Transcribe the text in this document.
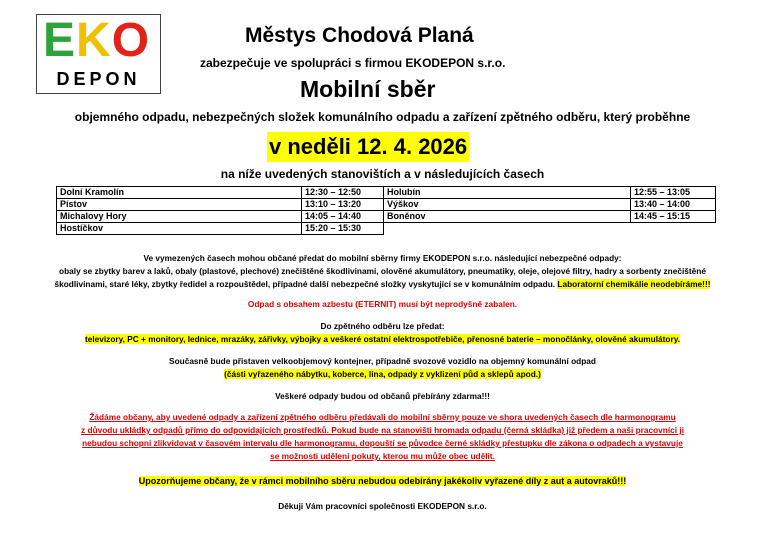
EKO
DEPON
Městys Chodová Planá
zabezpečuje ve spolupráci s firmou EKODEPON s.r.o.
Mobilní sběr
objemného odpadu, nebezpečných složek komunálního odpadu a zařízení zpětného odběru, který proběhne
v neděli 12. 4. 2026
na níže uvedených stanovištích a v následujících časech
Dolní Kramolín	12:30 – 12:50	Holubín	12:55 – 13:05
Pístov	13:10 – 13:20	Výškov	13:40 – 14:00
Michalovy Hory	14:05 – 14:40	Boněnov	14:45 – 15:15
Hostíčkov	15:20 – 15:30		
Ve vymezených časech mohou občané předat do mobilní sběrny firmy EKODEPON s.r.o. následující nebezpečné odpady:
obaly se zbytky barev a laků, obaly (plastové, plechové) znečištěné škodlivinami, olověné akumulátory, pneumatiky, oleje, olejové filtry, hadry a sorbenty znečištěné
škodlivinami, staré léky, zbytky ředidel a rozpouštědel, případné další nebezpečné složky vyskytující se v komunálním odpadu. Laboratorní chemikálie neodebíráme!!!
Odpad s obsahem azbestu (ETERNIT) musí být neprodyšně zabalen.
Do zpětného odběru lze předat:
televizory, PC + monitory, lednice, mrazáky, zářivky, výbojky a veškeré ostatní elektrospotřebiče, přenosné baterie – monočlánky, olověné akumulátory.
Současně bude přistaven velkoobjemový kontejner, případně svozové vozidlo na objemný komunální odpad
(části vyřazeného nábytku, koberce, lina, odpady z vyklizení půd a sklepů apod.)
Veškeré odpady budou od občanů přebírány zdarma!!!
Žádáme občany, aby uvedené odpady a zařízení zpětného odběru předávali do mobilní sběrny pouze ve shora uvedených časech dle harmonogramu
z důvodu ukládky odpadů přímo do odpovídajících prostředků. Pokud bude na stanovišti hromada odpadu (černá skládka) již předem a naši pracovníci ji
nebudou schopni zlikvidovat v časovém intervalu dle harmonogramu, dopouští se původce černé skládky přestupku dle zákona o odpadech a vystavuje
se možnosti udělení pokuty, kterou mu může obec udělit.
Upozorňujeme občany, že v rámci mobilního sběru nebudou odebírány jakékoliv vyřazené díly z aut a autovraků!!!
Děkuji Vám pracovníci společnosti EKODEPON s.r.o.
